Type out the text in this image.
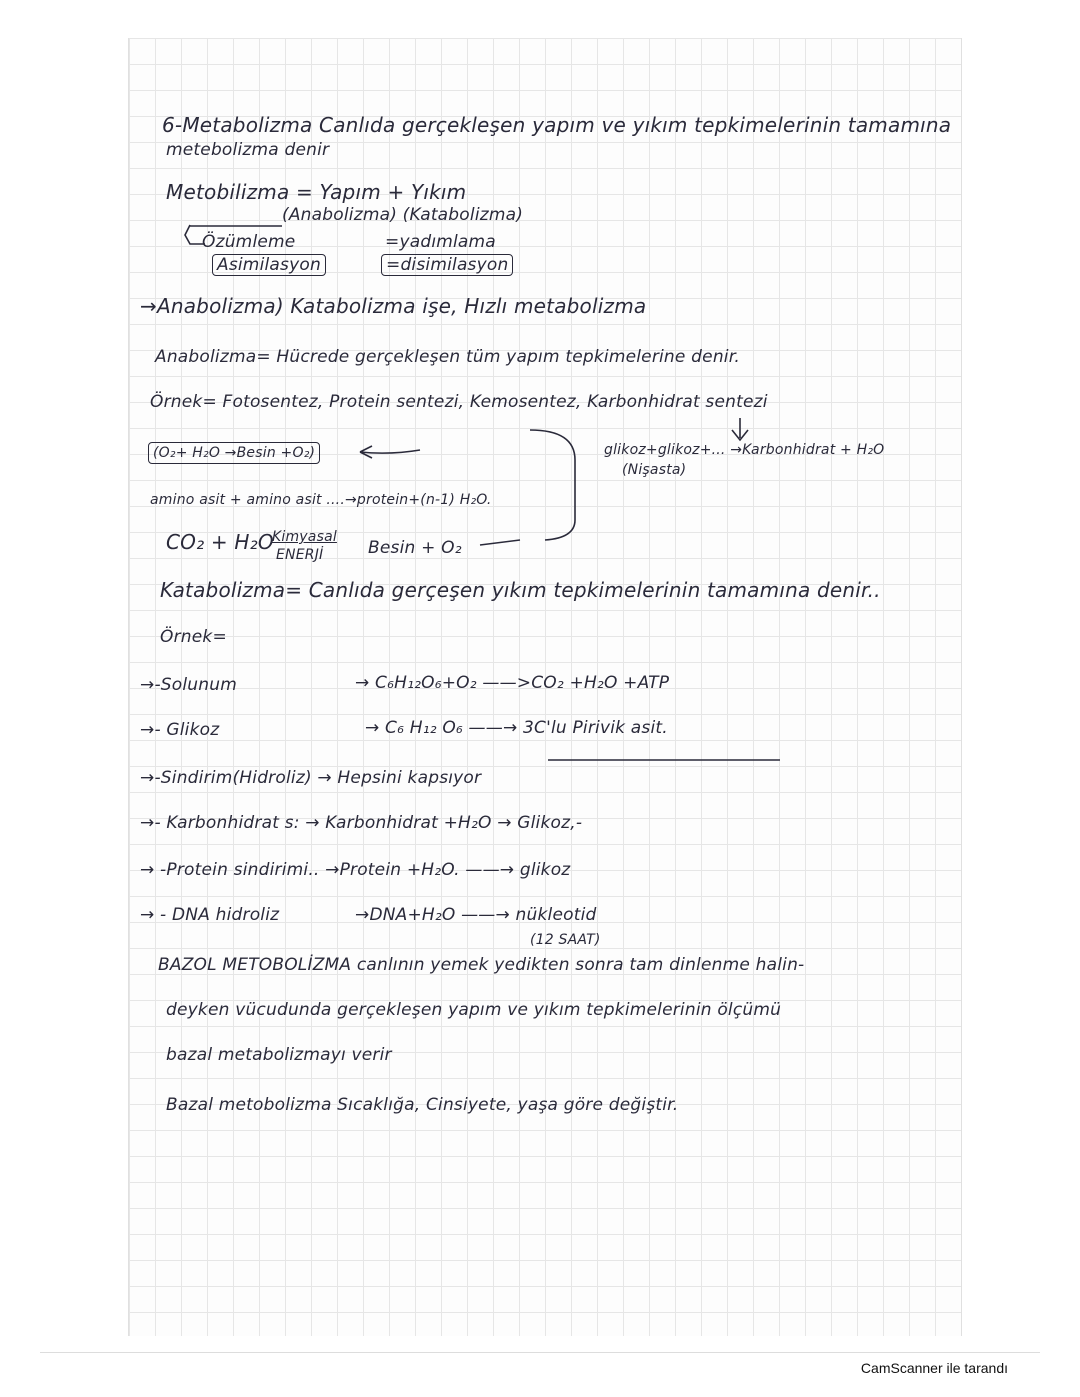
6-Metabolizma Canlıda gerçekleşen yapım ve yıkım tepkimelerinin tamamına
metebolizma denir
Metobilizma = Yapım + Yıkım
(Anabolizma) (Katabolizma)
Özümleme	=yadımlama
Asimilasyon	=disimilasyon
→Anabolizma) Katabolizma işe, Hızlı metabolizma
Anabolizma= Hücrede gerçekleşen tüm yapım tepkimelerine denir.
Örnek= Fotosentez, Protein sentezi, Kemosentez, Karbonhidrat sentezi
(O₂+ H₂O →Besin +O₂)	glikoz+glikoz+... →Karbonhidrat + H₂O
(Nişasta)
amino asit + amino asit ....→protein+(n-1) H₂O.
CO₂ + H₂O
Kimyasal
ENERJİ	Besin + O₂
Katabolizma= Canlıda gerçeşen yıkım tepkimelerinin tamamına denir..
Örnek=
→-Solunum	→ C₆H₁₂O₆+O₂ ——>CO₂ +H₂O +ATP
→- Glikoz	→ C₆ H₁₂ O₆ ——→ 3C'lu Pirivik asit.
→-Sindirim(Hidroliz) → Hepsini kapsıyor
→- Karbonhidrat s: → Karbonhidrat +H₂O → Glikoz,-
→ -Protein sindirimi.. →Protein +H₂O. ——→ glikoz
→ - DNA hidroliz	→DNA+H₂O ——→ nükleotid
(12 SAAT)
BAZOL METOBOLİZMA canlının yemek yedikten sonra tam dinlenme halin-
deyken vücudunda gerçekleşen yapım ve yıkım tepkimelerinin ölçümü
bazal metabolizmayı verir
Bazal metobolizma Sıcaklığa, Cinsiyete, yaşa göre değiştir.
CamScanner ile tarandı
